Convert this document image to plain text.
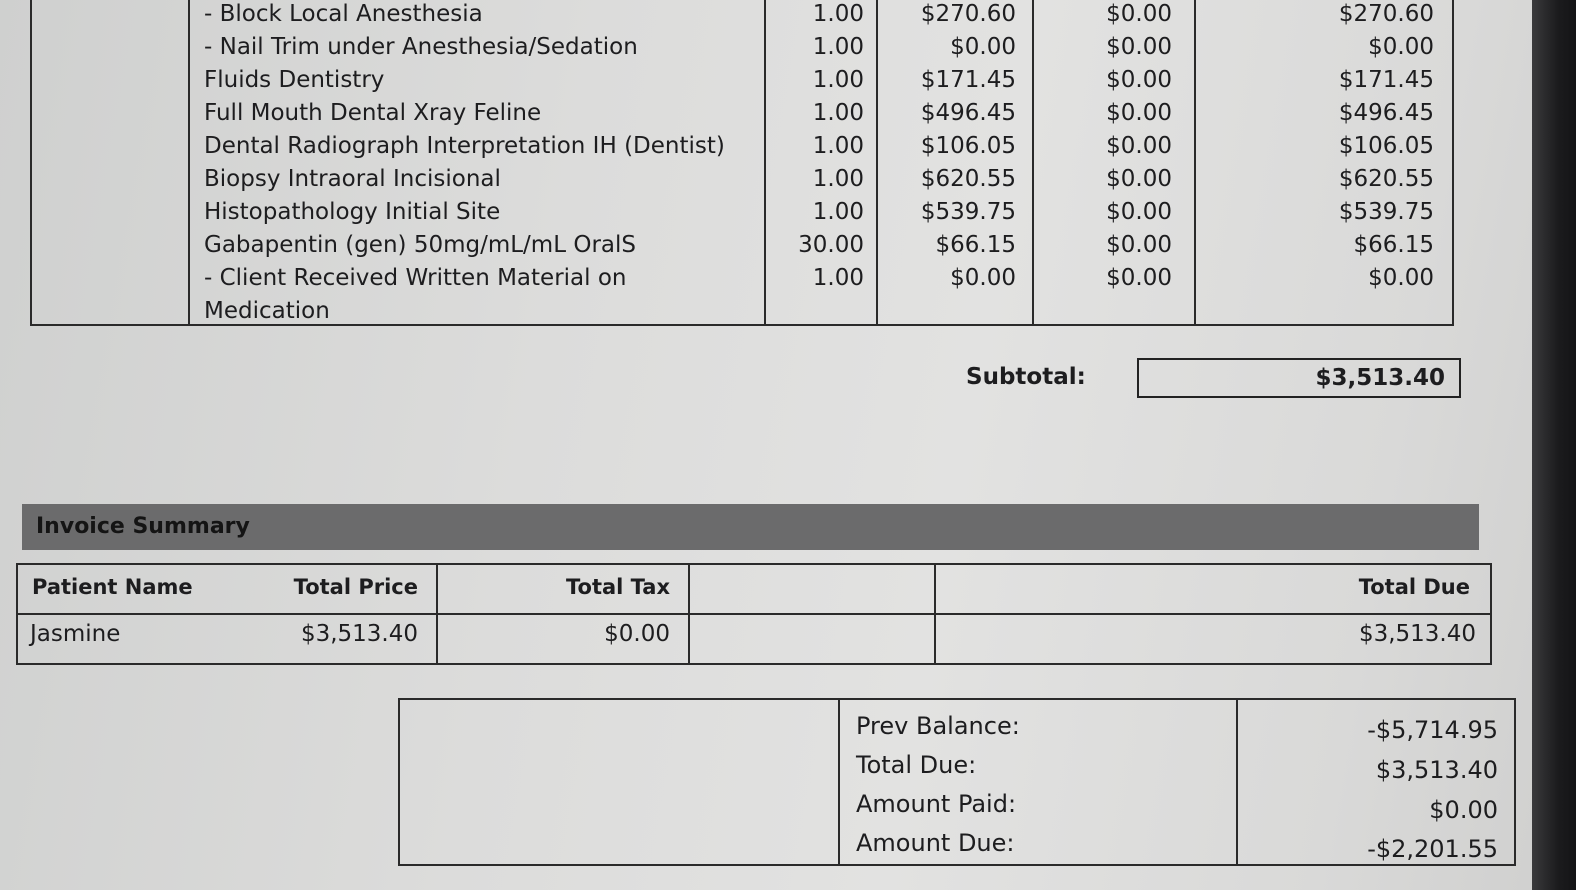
- Block Local Anesthesia	1.00	$270.60	$0.00	$270.60
- Nail Trim under Anesthesia/Sedation	1.00	$0.00	$0.00	$0.00
Fluids Dentistry	1.00	$171.45	$0.00	$171.45
Full Mouth Dental Xray Feline	1.00	$496.45	$0.00	$496.45
Dental Radiograph Interpretation IH (Dentist)	1.00	$106.05	$0.00	$106.05
Biopsy Intraoral Incisional	1.00	$620.55	$0.00	$620.55
Histopathology Initial Site	1.00	$539.75	$0.00	$539.75
Gabapentin (gen) 50mg/mL/mL OralS	30.00	$66.15	$0.00	$66.15
- Client Received Written Material on	1.00	$0.00	$0.00	$0.00
Medication
Subtotal:	$3,513.40
Invoice Summary
Patient Name	Total Price	Total Tax	Total Due
Jasmine	$3,513.40	$0.00	$3,513.40
Prev Balance:	-$5,714.95
Total Due:	$3,513.40
Amount Paid:	$0.00
Amount Due:	-$2,201.55
